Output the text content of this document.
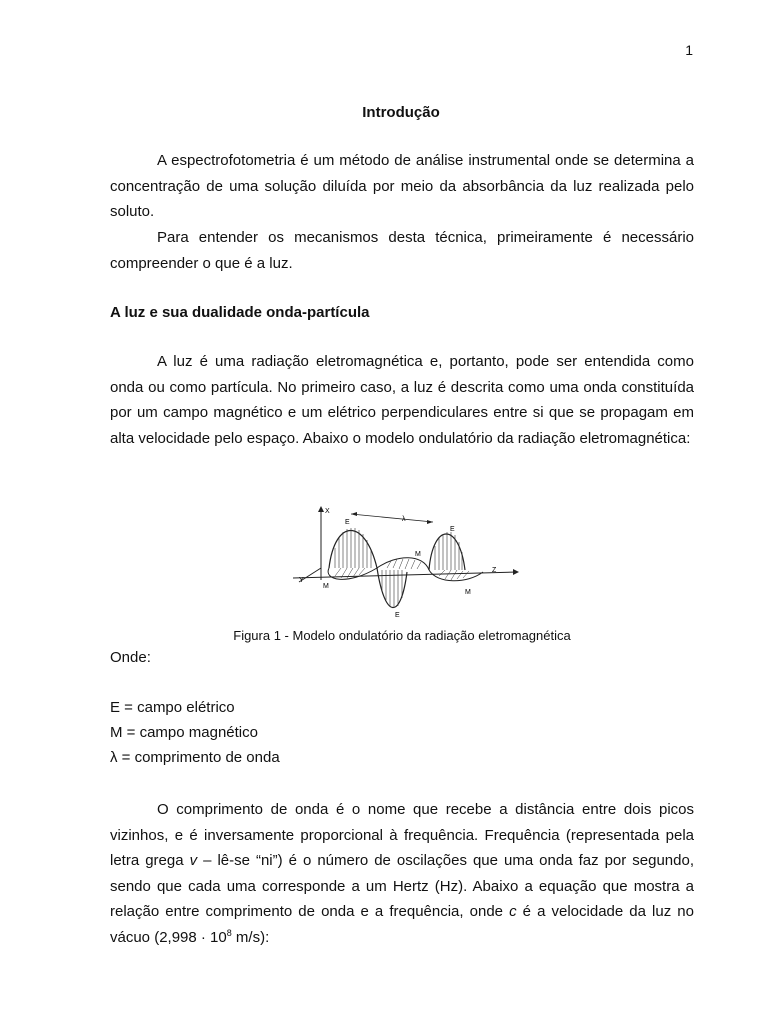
1
Introdução

A espectrofotometria é um método de análise instrumental onde se determina a concentração de uma solução diluída por meio da absorbância da luz realizada pelo soluto.

Para entender os mecanismos desta técnica, primeiramente é necessário compreender o que é a luz.

A luz e sua dualidade onda-partícula

A luz é uma radiação eletromagnética e, portanto, pode ser entendida como onda ou como partícula. No primeiro caso, a luz é descrita como uma onda constituída por um campo magnético e um elétrico perpendiculares entre si que se propagam em alta velocidade pelo espaço. Abaixo o modelo ondulatório da radiação eletromagnética:

X
Y
Z
λ
E
E
E
M
M
M
Figura 1 - Modelo ondulatório da radiação eletromagnética
Onde:
E = campo elétrico
M = campo magnético
λ = comprimento de onda

O comprimento de onda é o nome que recebe a distância entre dois picos vizinhos, e é inversamente proporcional à frequência. Frequência (representada pela letra grega v – lê-se “ni”) é o número de oscilações que uma onda faz por segundo, sendo que cada uma corresponde a um Hertz (Hz). Abaixo a equação que mostra a relação entre comprimento de onda e a frequência, onde c é a velocidade da luz no vácuo ($2,998 \cdot 10^8$ m/s):
